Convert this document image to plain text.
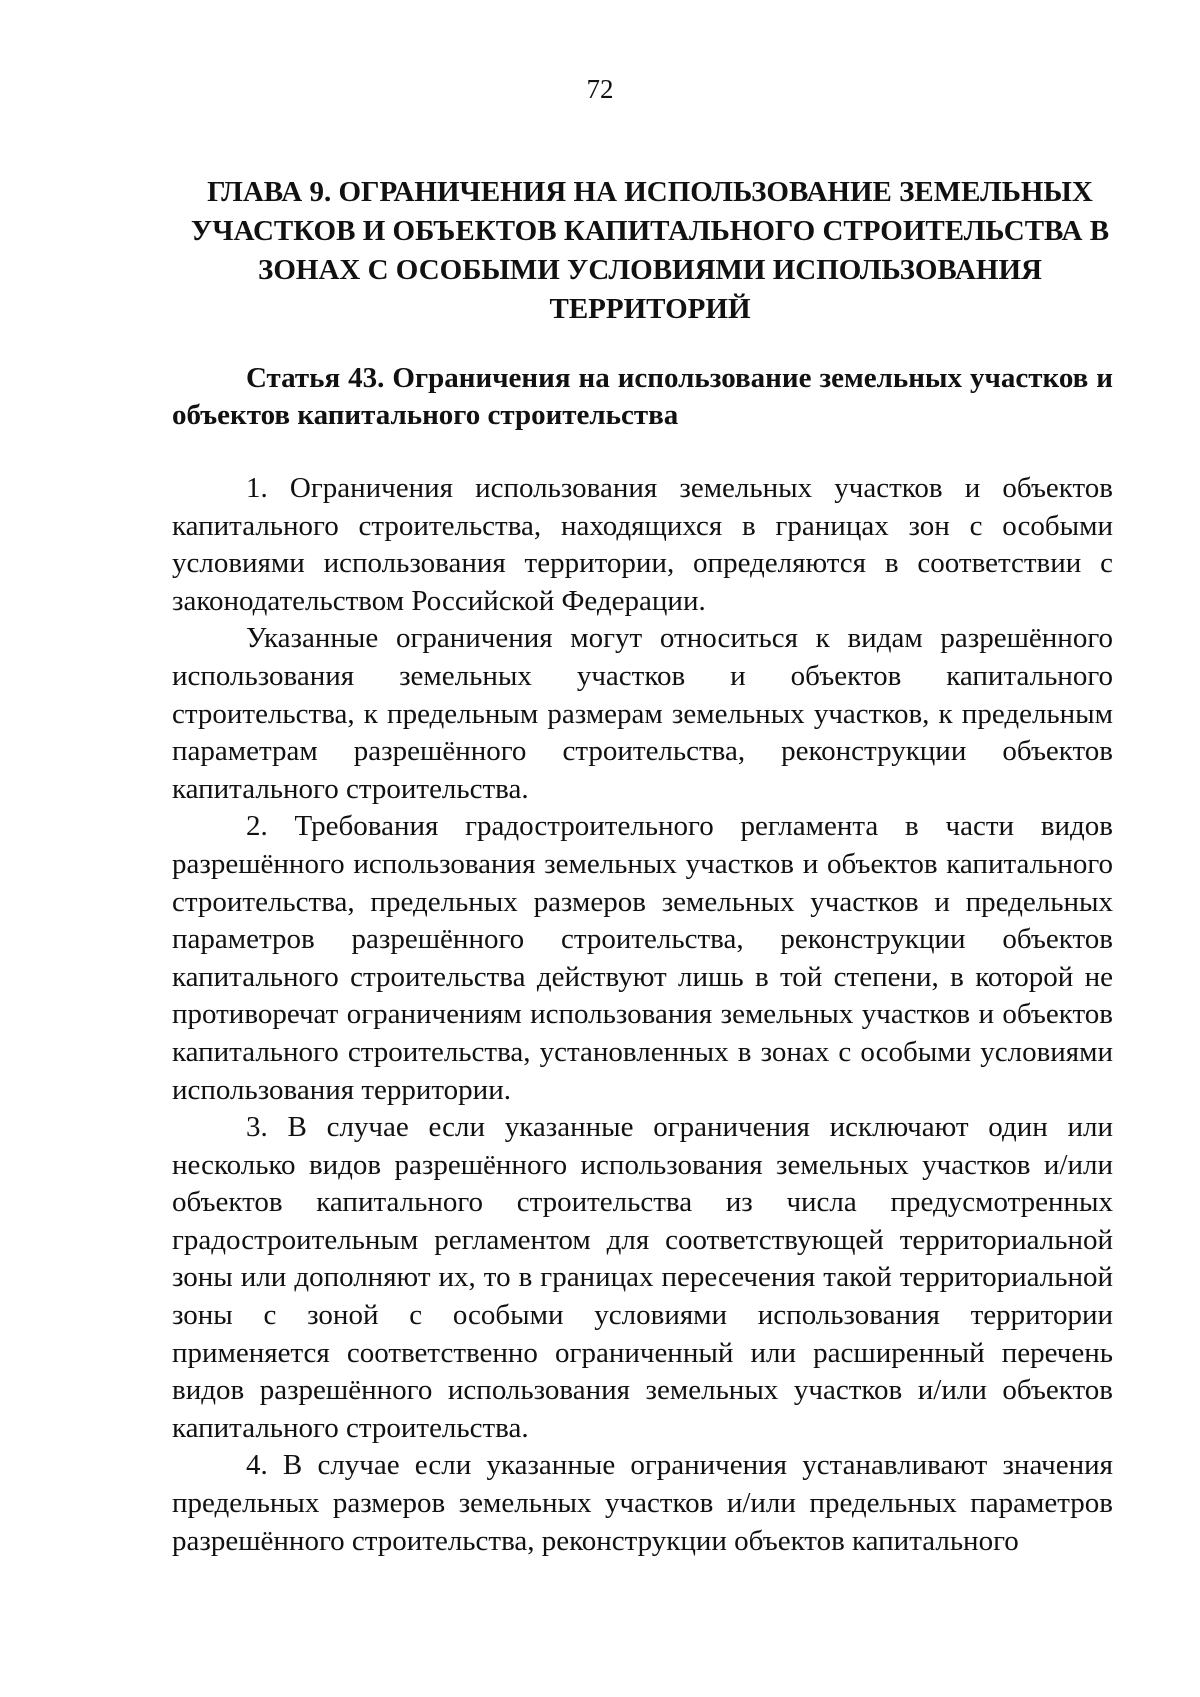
72
ГЛАВА 9. ОГРАНИЧЕНИЯ НА ИСПОЛЬЗОВАНИЕ ЗЕМЕЛЬНЫХ УЧАСТКОВ И ОБЪЕКТОВ КАПИТАЛЬНОГО СТРОИТЕЛЬСТВА В ЗОНАХ С ОСОБЫМИ УСЛОВИЯМИ ИСПОЛЬЗОВАНИЯ ТЕРРИТОРИЙ
Статья 43. Ограничения на использование земельных участков и объектов капитального строительства

1. Ограничения использования земельных участков и объектов капитального строительства, находящихся в границах зон с особыми условиями использования территории, определяются в соответствии с законодательством Российской Федерации.

Указанные ограничения могут относиться к видам разрешённого использования земельных участков и объектов капитального строительства, к предельным размерам земельных участков, к предельным параметрам разрешённого строительства, реконструкции объектов капитального строительства.

2. Требования градостроительного регламента в части видов разрешённого использования земельных участков и объектов капитального строительства, предельных размеров земельных участков и предельных параметров разрешённого строительства, реконструкции объектов капитального строительства действуют лишь в той степени, в которой не противоречат ограничениям использования земельных участков и объектов капитального строительства, установленных в зонах с особыми условиями использования территории.

3. В случае если указанные ограничения исключают один или несколько видов разрешённого использования земельных участков и/или объектов капитального строительства из числа предусмотренных градостроительным регламентом для соответствующей территориальной зоны или дополняют их, то в границах пересечения такой территориальной зоны с зоной с особыми условиями использования территории применяется соответственно ограниченный или расширенный перечень видов разрешённого использования земельных участков и/или объектов капитального строительства.

4. В случае если указанные ограничения устанавливают значения предельных размеров земельных участков и/или предельных параметров разрешённого строительства, реконструкции объектов капитального
